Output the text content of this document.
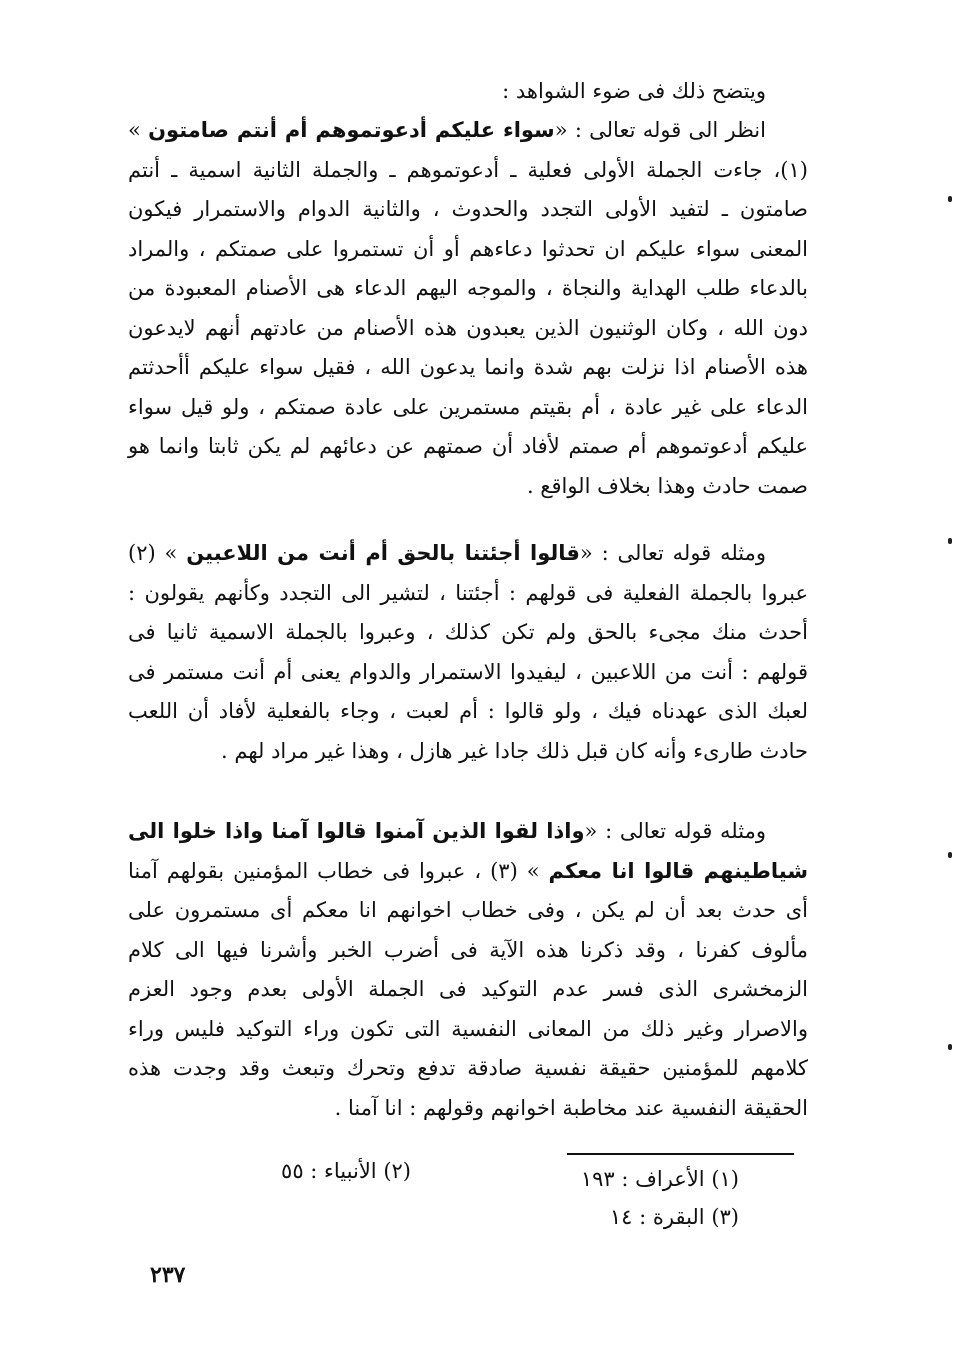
ويتضح ذلك فى ضوء الشواهد :

انظر الى قوله تعالى : «سواء عليكم أدعوتموهم أم أنتم صامتون » (١)، جاءت الجملة الأولى فعلية ـ أدعوتموهم ـ والجملة الثانية اسمية ـ أنتم صامتون ـ لتفيد الأولى التجدد والحدوث ، والثانية الدوام والاستمرار فيكون المعنى سواء عليكم ان تحدثوا دعاءهم أو أن تستمروا على صمتكم ، والمراد بالدعاء طلب الهداية والنجاة ، والموجه اليهم الدعاء هى الأصنام المعبودة من دون الله ، وكان الوثنيون الذين يعبدون هذه الأصنام من عادتهم أنهم لايدعون هذه الأصنام اذا نزلت بهم شدة وانما يدعون الله ، فقيل سواء عليكم أأحدثتم الدعاء على غير عادة ، أم بقيتم مستمرين على عادة صمتكم ، ولو قيل سواء عليكم أدعوتموهم أم صمتم لأفاد أن صمتهم عن دعائهم لم يكن ثابتا وانما هو صمت حادث وهذا بخلاف الواقع .

ومثله قوله تعالى : «قالوا أجئتنا بالحق أم أنت من اللاعبين » (٢) عبروا بالجملة الفعلية فى قولهم : أجئتنا ، لتشير الى التجدد وكأنهم يقولون : أحدث منك مجىء بالحق ولم تكن كذلك ، وعبروا بالجملة الاسمية ثانيا فى قولهم : أنت من اللاعبين ، ليفيدوا الاستمرار والدوام يعنى أم أنت مستمر فى لعبك الذى عهدناه فيك ، ولو قالوا : أم لعبت ، وجاء بالفعلية لأفاد أن اللعب حادث طارىء وأنه كان قبل ذلك جادا غير هازل ، وهذا غير مراد لهم .

ومثله قوله تعالى : «واذا لقوا الذين آمنوا قالوا آمنا واذا خلوا الى شياطينهم قالوا انا معكم » (٣) ، عبروا فى خطاب المؤمنين بقولهم آمنا أى حدث بعد أن لم يكن ، وفى خطاب اخوانهم انا معكم أى مستمرون على مألوف كفرنا ، وقد ذكرنا هذه الآية فى أضرب الخبر وأشرنا فيها الى كلام الزمخشرى الذى فسر عدم التوكيد فى الجملة الأولى بعدم وجود العزم والاصرار وغير ذلك من المعانى النفسية التى تكون وراء التوكيد فليس وراء كلامهم للمؤمنين حقيقة نفسية صادقة تدفع وتحرك وتبعث وقد وجدت هذه الحقيقة النفسية عند مخاطبة اخوانهم وقولهم : انا آمنا .

(١) الأعراف : ١٩٣
(٢) الأنبياء : ٥٥
(٣) البقرة : ١٤
٢٣٧
